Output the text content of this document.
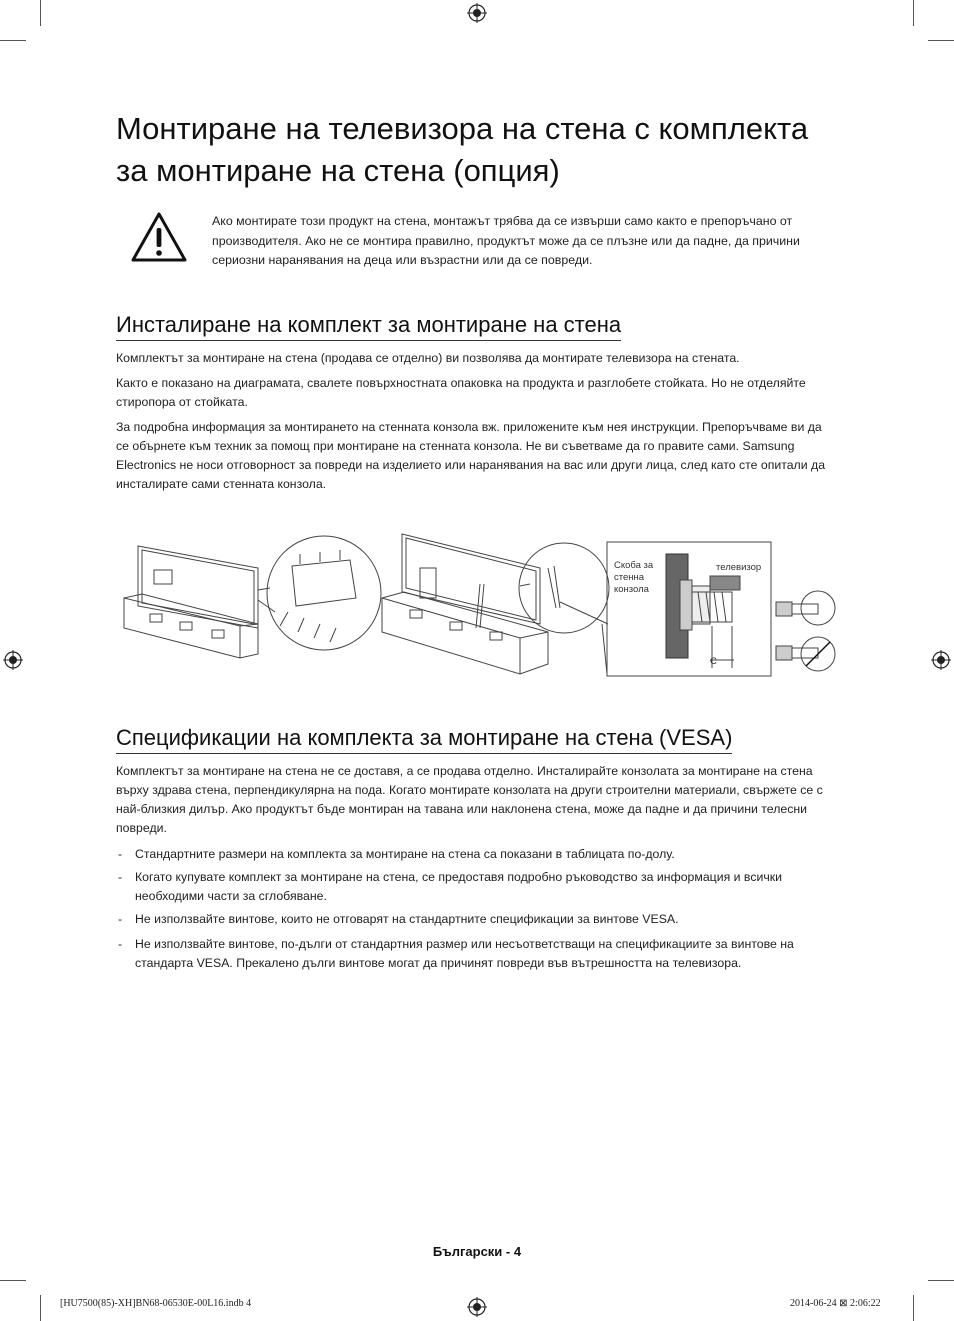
Монтиране на телевизора на стена с комплекта за монтиране на стена (опция)
Ако монтирате този продукт на стена, монтажът трябва да се извърши само както е препоръчано от производителя. Ако не се монтира правилно, продуктът може да се плъзне или да падне, да причини сериозни наранявания на деца или възрастни или да се повреди.
Инсталиране на комплект за монтиране на стена

Комплектът за монтиране на стена (продава се отделно) ви позволява да монтирате телевизора на стената.

Както е показано на диаграмата, свалете повърхностната опаковка на продукта и разглобете стойката. Но не отделяйте стиропора от стойката.

За подробна информация за монтирането на стенната конзола вж. приложените към нея инструкции. Препоръчваме ви да се обърнете към техник за помощ при монтиране на стенната конзола. Не ви съветваме да го правите сами. Samsung Electronics не носи отговорност за повреди на изделието или наранявания на вас или други лица, след като сте опитали да инсталирате сами стенната конзола.

Скоба за стенна конзола
телевизор
C
Спецификации на комплекта за монтиране на стена (VESA)

Комплектът за монтиране на стена не се доставя, а се продава отделно. Инсталирайте конзолата за монтиране на стена върху здрава стена, перпендикулярна на пода. Когато монтирате конзолата на други строителни материали, свържете се с най-близкия дилър. Ако продуктът бъде монтиран на тавана или наклонена стена, може да падне и да причини телесни повреди.

- Стандартните размери на комплекта за монтиране на стена са показани в таблицата по-долу.
- Когато купувате комплект за монтиране на стена, се предоставя подробно ръководство за информация и всички необходими части за сглобяване.
- Не използвайте винтове, които не отговарят на стандартните спецификации за винтове VESA.
- Не използвайте винтове, по-дълги от стандартния размер или несъответстващи на спецификациите за винтове на стандарта VESA. Прекалено дълги винтове могат да причинят повреди във вътрешността на телевизора.
Български - 4
[HU7500(85)-XH]BN68-06530E-00L16.indb 4	2014-06-24 ⊠ 2:06:22
